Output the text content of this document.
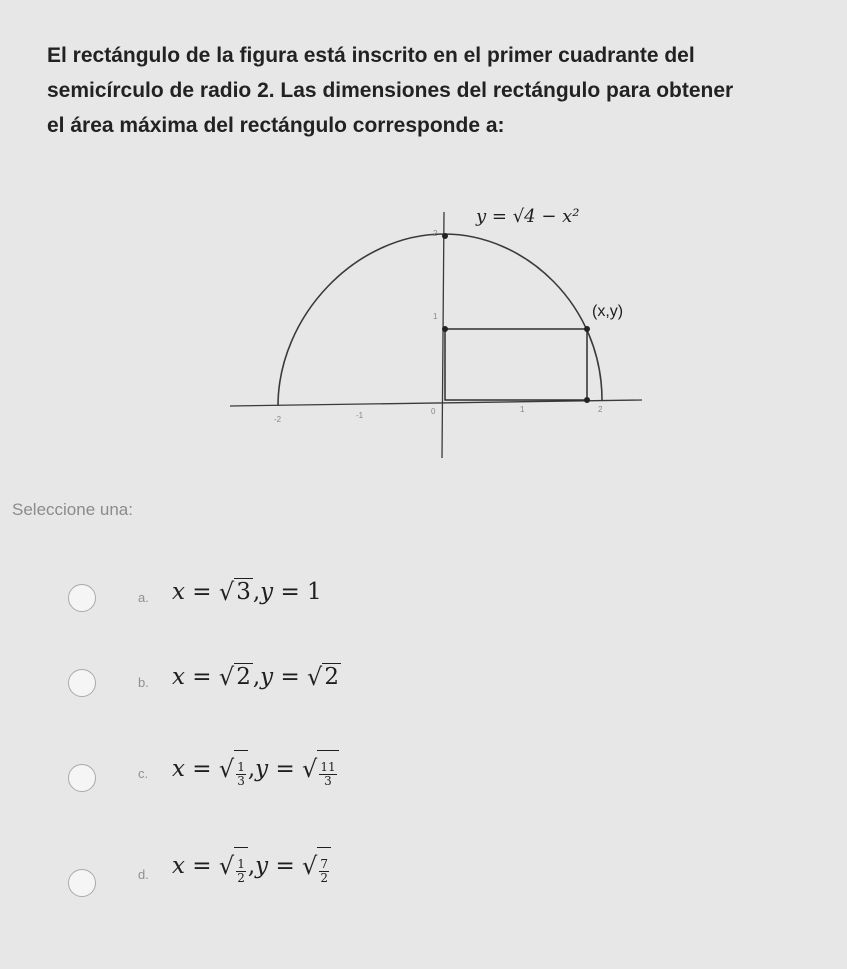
El rectángulo de la figura está inscrito en el primer cuadrante del
semicírculo de radio 2. Las dimensiones del rectángulo para obtener
el área máxima del rectángulo corresponde a:
y = √4 − x²
(x,y)
-2	-1	0	1	2
1
2
Seleccione una:
a. x = √ 3 , y = 1
b. x = √ 2 , y = √ 2
c. x = √ $\frac{1}{3}$ , y = √ $\frac{11}{3}$
d. x = √ $\frac{1}{2}$ , y = √ $\frac{7}{2}$
